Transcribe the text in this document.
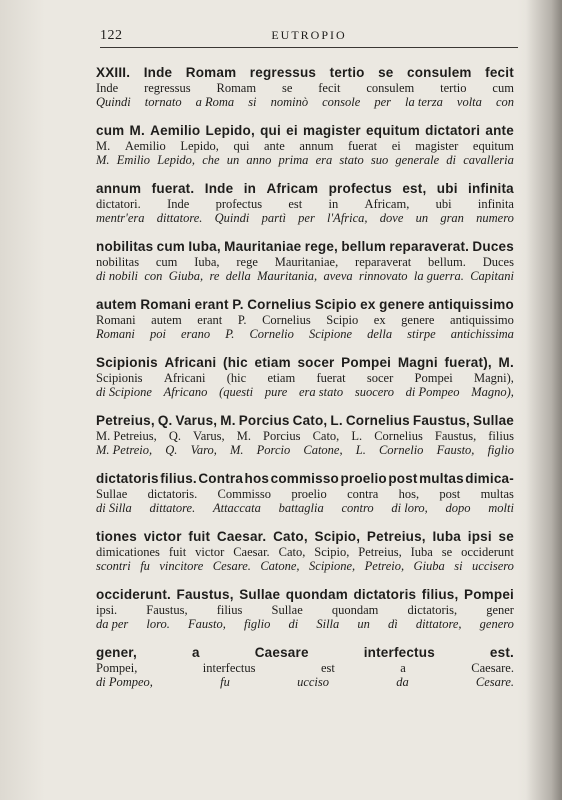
122	EUTROPIO
XXIII. Inde Romam regressus tertio se consulem fecit
Inde regressus Romam se fecit consulem tertio cum
Quindi tornato a Roma si nominò console per la terza volta con
cum M. Aemilio Lepido, qui ei magister equitum dictatori ante
M. Aemilio Lepido, qui ante annum fuerat ei magister equitum
M. Emilio Lepido, che un anno prima era stato suo generale di cavalleria
annum fuerat. Inde in Africam profectus est, ubi infinita
dictatori. Inde profectus est in Africam, ubi infinita
mentr'era dittatore. Quindi partì per l'Africa, dove un gran numero
nobilitas cum Iuba, Mauritaniae rege, bellum reparaverat. Duces
nobilitas cum Iuba, rege Mauritaniae, reparaverat bellum. Duces
di nobili con Giuba, re della Mauritania, aveva rinnovato la guerra. Capitani
autem Romani erant P. Cornelius Scipio ex genere antiquissimo
Romani autem erant P. Cornelius Scipio ex genere antiquissimo
Romani poi erano P. Cornelio Scipione della stirpe antichissima
Scipionis Africani (hic etiam socer Pompei Magni fuerat), M.
Scipionis Africani (hic etiam fuerat socer Pompei Magni),
di Scipione Africano (questi pure era stato suocero di Pompeo Magno),
Petreius, Q. Varus, M. Porcius Cato, L. Cornelius Faustus, Sullae
M. Petreius, Q. Varus, M. Porcius Cato, L. Cornelius Faustus, filius
M. Petreio, Q. Varo, M. Porcio Catone, L. Cornelio Fausto, figlio
dictatoris filius. Contra hos commisso proelio post multas dimica-
Sullae dictatoris. Commisso proelio contra hos, post multas
di Silla dittatore. Attaccata battaglia contro di loro, dopo molti
tiones victor fuit Caesar. Cato, Scipio, Petreius, Iuba ipsi se
dimicationes fuit victor Caesar. Cato, Scipio, Petreius, Iuba se occiderunt
scontri fu vincitore Cesare. Catone, Scipione, Petreio, Giuba si uccisero
occiderunt. Faustus, Sullae quondam dictatoris filius, Pompei
ipsi. Faustus, filius Sullae quondam dictatoris, gener
da per loro. Fausto, figlio di Silla un dì dittatore, genero
gener,	a	Caesare	interfectus	est.
Pompei,	interfectus	est	a	Caesare.
di Pompeo,	fu	ucciso	da	Cesare.
